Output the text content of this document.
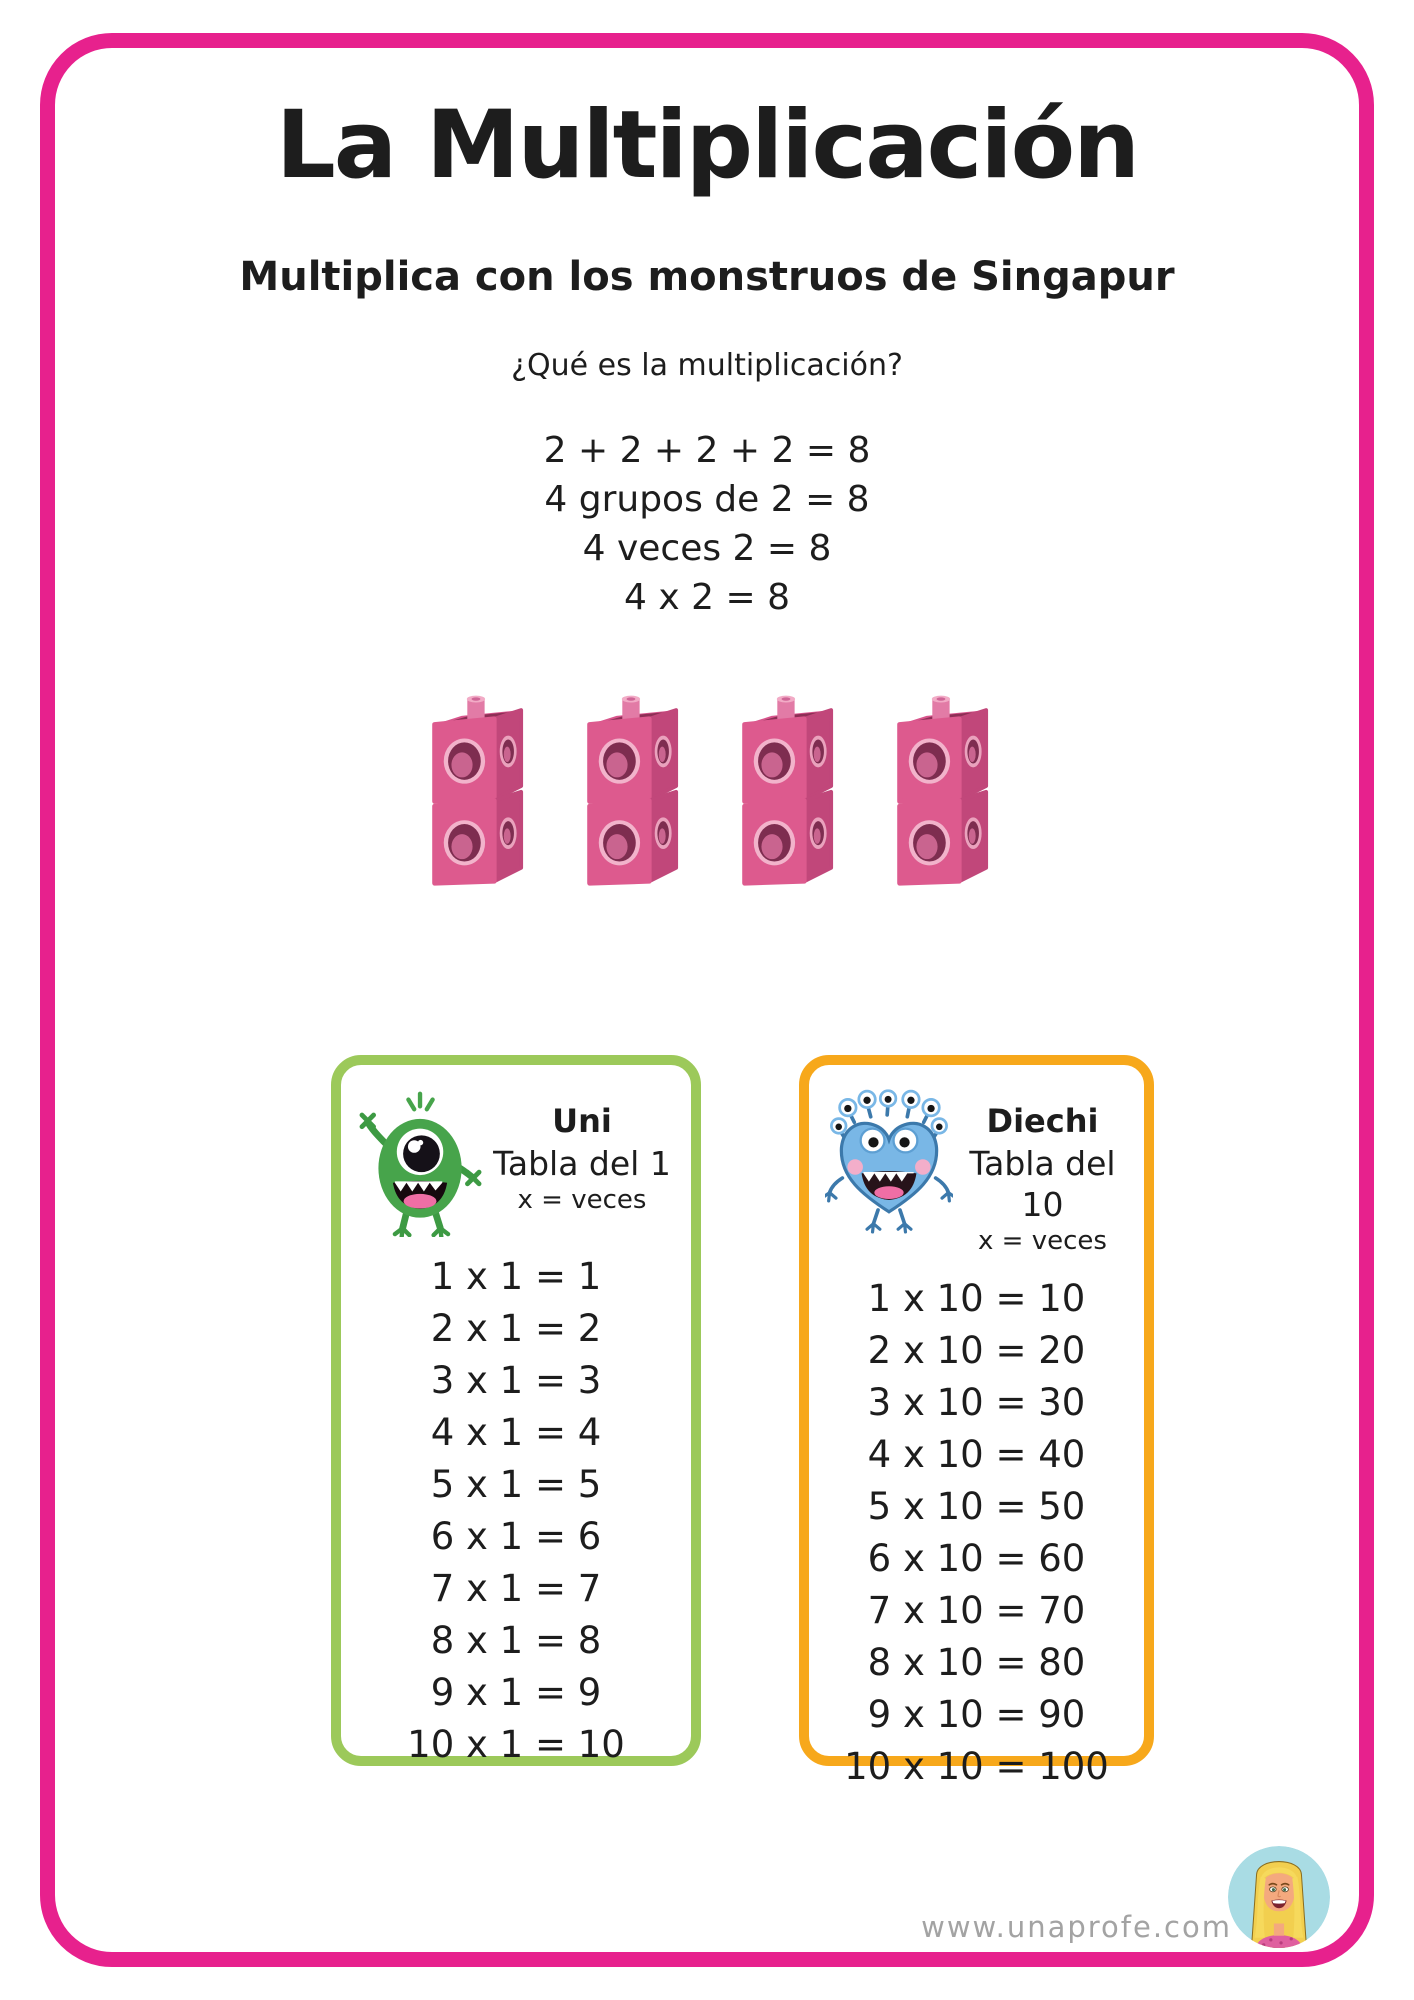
La Multiplicación
Multiplica con los monstruos de Singapur
¿Qué es la multiplicación?
2 + 2 + 2 + 2 = 8
4 grupos de 2 = 8
4 veces 2 = 8
4 x 2 = 8
Uni
Tabla del 1
x = veces
1 x 1 = 1
2 x 1 = 2
3 x 1 = 3
4 x 1 = 4
5 x 1 = 5
6 x 1 = 6
7 x 1 = 7
8 x 1 = 8
9 x 1 = 9
10 x 1 = 10
Diechi
Tabla del 10
x = veces
1 x 10 = 10
2 x 10 = 20
3 x 10 = 30
4 x 10 = 40
5 x 10 = 50
6 x 10 = 60
7 x 10 = 70
8 x 10 = 80
9 x 10 = 90
10 x 10 = 100
www.unaprofe.com
